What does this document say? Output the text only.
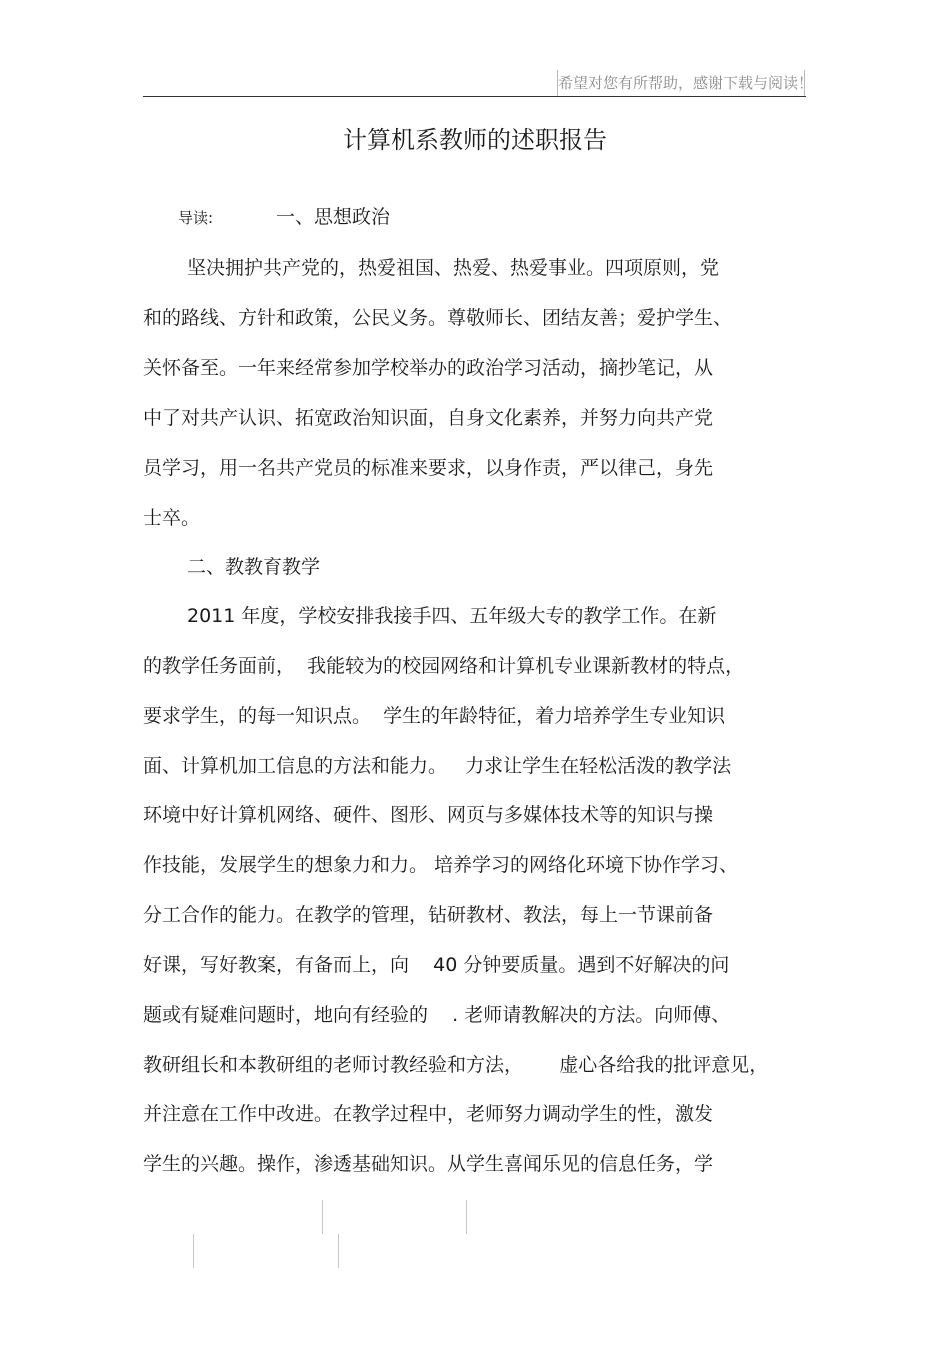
希望对您有所帮助，感谢下载与阅读！
计算机系教师的述职报告
导读:	一、思想政治
坚决拥护共产党的，热爱祖国、热爱、热爱事业。四项原则，党
和的路线、方针和政策，公民义务。尊敬师长、团结友善；爱护学生、
关怀备至。一年来经常参加学校举办的政治学习活动，摘抄笔记，从
中了对共产认识、拓宽政治知识面，自身文化素养，并努力向共产党
员学习，用一名共产党员的标准来要求，以身作责，严以律己，身先
士卒。
二、教教育教学
2011 年度，学校安排我接手四、五年级大专的教学工作。在新
的教学任务面前，  我能较为的校园网络和计算机专业课新教材的特点，
要求学生，的每一知识点。  学生的年龄特征，着力培养学生专业知识
面、计算机加工信息的方法和能力。   力求让学生在轻松活泼的教学法
环境中好计算机网络、硬件、图形、网页与多媒体技术等的知识与操
作技能，发展学生的想象力和力。 培养学习的网络化环境下协作学习、
分工合作的能力。在教学的管理，钻研教材、教法，每上一节课前备
好课，写好教案，有备而上，向    40 分钟要质量。遇到不好解决的问
题或有疑难问题时，地向有经验的    . 老师请教解决的方法。向师傅、
教研组长和本教研组的老师讨教经验和方法，      虚心各给我的批评意见，
并注意在工作中改进。在教学过程中，老师努力调动学生的性，激发
学生的兴趣。操作，渗透基础知识。从学生喜闻乐见的信息任务，学
